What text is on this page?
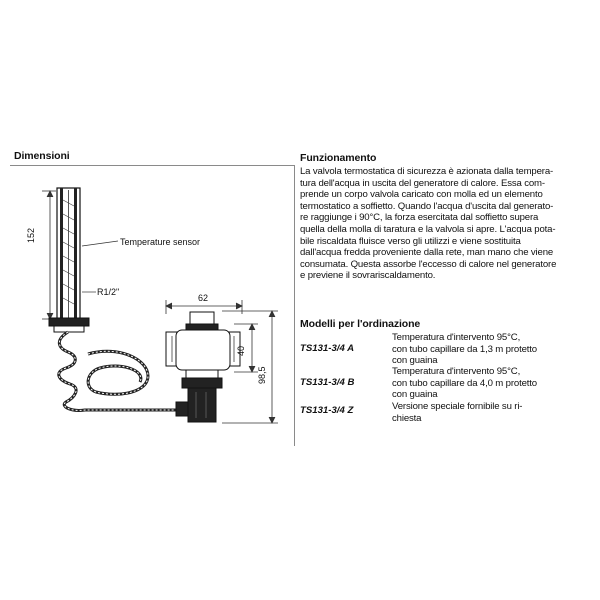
Dimensioni
152	Temperature sensor
R1/2"
62
40
98,5
Funzionamento
La valvola termostatica di sicurezza è azionata dalla tempera-
tura dell'acqua in uscita del generatore di calore. Essa com-
prende un corpo valvola caricato con molla ed un elemento
termostatico a soffietto. Quando l'acqua d'uscita dal generato-
re raggiunge i 90°C, la forza esercitata dal soffietto supera
quella della molla di taratura e la valvola si apre. L'acqua pota-
bile riscaldata fluisce verso gli utilizzi e viene sostituita
dall'acqua fredda proveniente dalla rete, man mano che viene
consumata. Questa assorbe l'eccesso di calore nel generatore
e previene il sovrariscaldamento.
Modelli per l'ordinazione
TS131-3/4 A
Temperatura d'intervento 95°C,
con tubo capillare da 1,3 m protetto
con guaina
TS131-3/4 B
Temperatura d'intervento 95°C,
con tubo capillare da 4,0 m protetto
con guaina
TS131-3/4 Z	Versione speciale fornibile su ri-
chiesta
